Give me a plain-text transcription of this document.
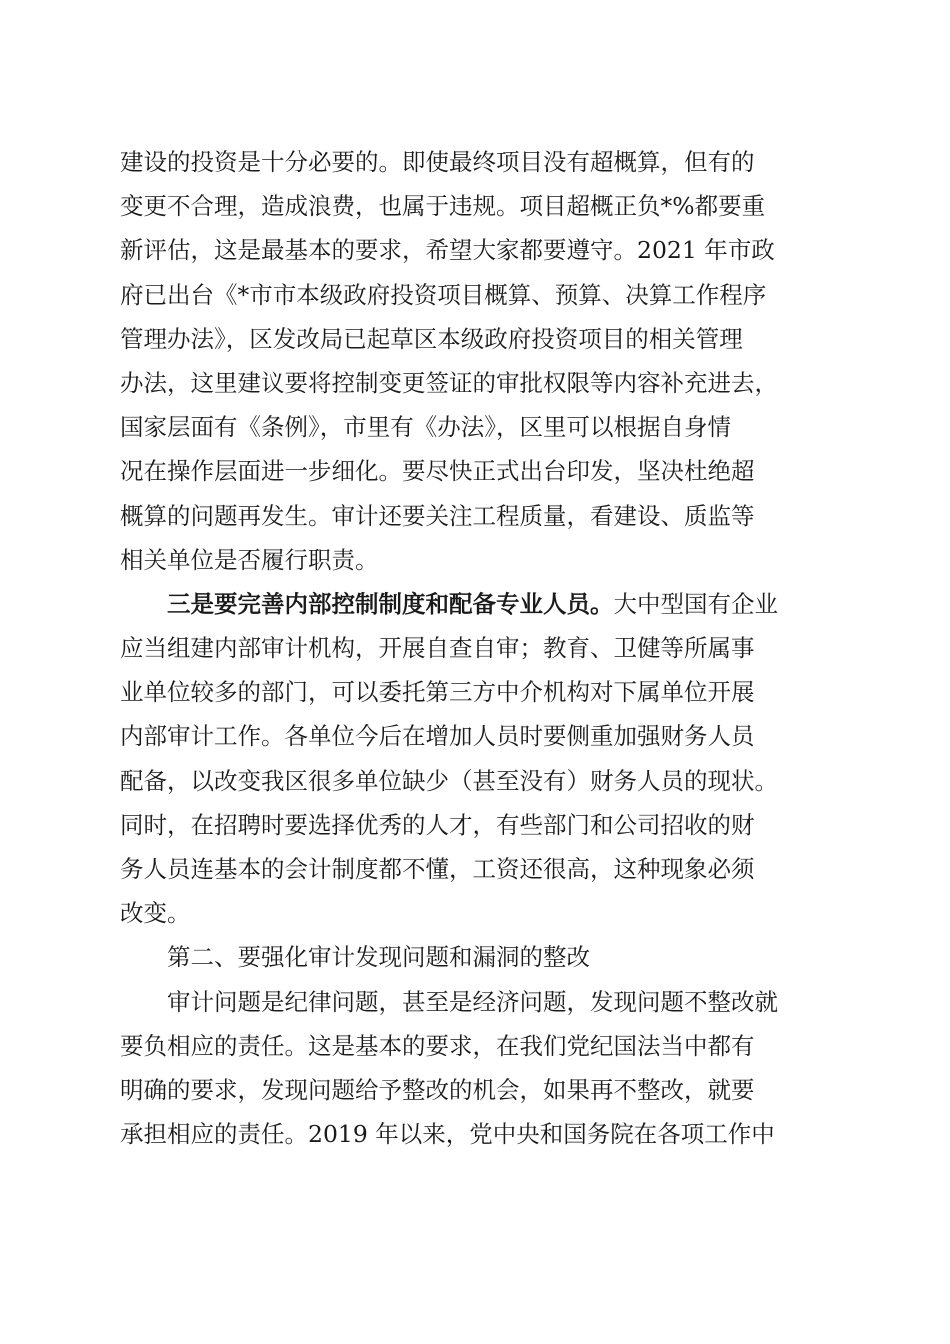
建设的投资是十分必要的。即使最终项目没有超概算，但有的
变更不合理，造成浪费，也属于违规。项目超概正负*%都要重
新评估，这是最基本的要求，希望大家都要遵守。2021 年市政
府已出台《*市市本级政府投资项目概算、预算、决算工作程序
管理办法》，区发改局已起草区本级政府投资项目的相关管理
办法，这里建议要将控制变更签证的审批权限等内容补充进去，
国家层面有《条例》，市里有《办法》，区里可以根据自身情
况在操作层面进一步细化。要尽快正式出台印发，坚决杜绝超
概算的问题再发生。审计还要关注工程质量，看建设、质监等
相关单位是否履行职责。
三是要完善内部控制制度和配备专业人员。大中型国有企业
应当组建内部审计机构，开展自查自审；教育、卫健等所属事
业单位较多的部门，可以委托第三方中介机构对下属单位开展
内部审计工作。各单位今后在增加人员时要侧重加强财务人员
配备，以改变我区很多单位缺少（甚至没有）财务人员的现状。
同时，在招聘时要选择优秀的人才，有些部门和公司招收的财
务人员连基本的会计制度都不懂，工资还很高，这种现象必须
改变。
第二、要强化审计发现问题和漏洞的整改
审计问题是纪律问题，甚至是经济问题，发现问题不整改就
要负相应的责任。这是基本的要求，在我们党纪国法当中都有
明确的要求，发现问题给予整改的机会，如果再不整改，就要
承担相应的责任。2019 年以来，党中央和国务院在各项工作中
